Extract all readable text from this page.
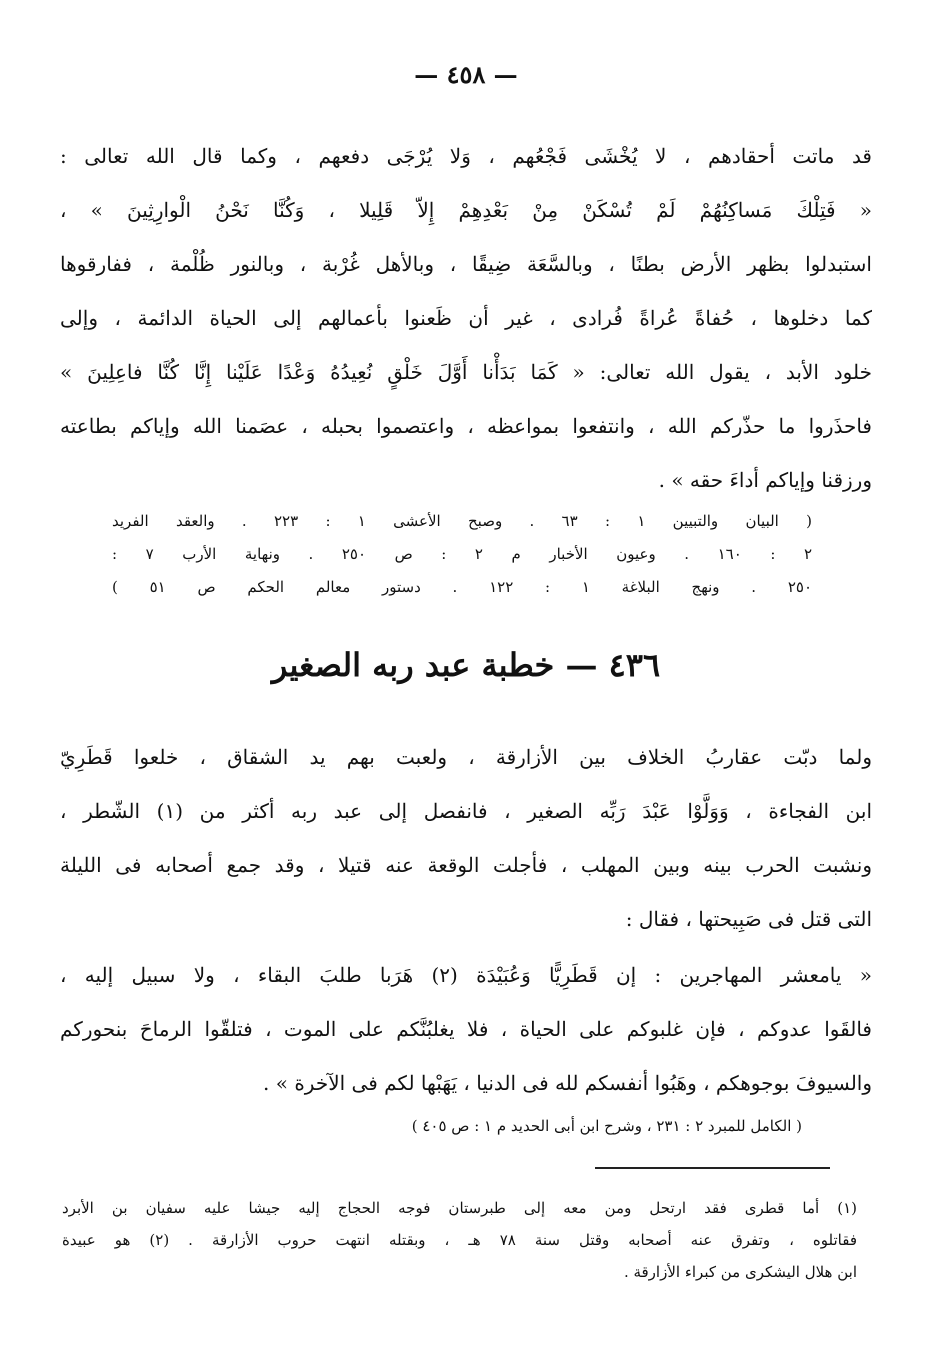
— ٤٥٨ —
قد ماتت أحقادهم ، لا يُخْشَى فَجْعُهم ، وَلا يُرْجَى دفعهم ، وكما قال الله تعالى :
« فَتِلْكَ مَساكِنُهُمْ لَمْ تُسْكَنْ مِنْ بَعْدِهِمْ إِلاّ قَلِيلا ، وَكُنَّا نَحْنُ الْوارِثِينَ » ،
استبدلوا بظهر الأرض بطنًا ، وبالسَّعَة ضِيقًا ، وبالأهل غُرْبة ، وبالنور ظُلْمة ، ففارقوها
كما دخلوها ، حُفاةً عُراةً فُرادى ، غير أن ظَعنوا بأعمالهم إلى الحياة الدائمة ، وإلى
خلود الأبد ، يقول الله تعالى: « كَمَا بَدَأْنا أَوَّلَ خَلْقٍ نُعِيدُهُ وَعْدًا عَلَيْنا إِنَّا كُنَّا فاعِلِينَ »
فاحذَروا ما حذّركم الله ، وانتفعوا بمواعظه ، واعتصموا بحبله ، عصَمنا الله وإياكم بطاعته
ورزقنا وإياكم أداءَ حقه » .
( البيان والتبيين ١ : ٦٣ . وصبح الأعشى ١ : ٢٢٣ . والعقد الفريد
٢ : ١٦٠ . وعيون الأخبار م ٢ : ص ٢٥٠ . ونهاية الأرب ٧ :
٢٥٠ . ونهج البلاغة ١ : ١٢٢ . دستور معالم الحكم ص ٥١ )
٤٣٦ — خطبة عبد ربه الصغير
ولما دبّت عقاربُ الخلاف بين الأزارقة ، ولعبت بهم يد الشقاق ، خلعوا قَطَرِيّ
ابن الفجاءة ، وَوَلَّوْا عَبْدَ رَبِّه الصغير ، فانفصل إلى عبد ربه أكثر من (١) الشّطر ،
ونشبت الحرب بينه وبين المهلب ، فأجلت الوقعة عنه قتيلا ، وقد جمع أصحابه فى الليلة
التى قتل فى صَبِيحتها ، فقال :
« يامعشر المهاجرين : إن قَطَرِيًّا وَعُبَيْدَة (٢) هَرَبا طلبَ البقاء ، ولا سبيل إليه ،
فالقَوا عدوكم ، فإن غلبوكم على الحياة ، فلا يغلبُنَّكم على الموت ، فتلقّوا الرماحَ بنحوركم
والسيوفَ بوجوهكم ، وهَبُوا أنفسكم لله فى الدنيا ، يَهَبْها لكم فى الآخرة » .
( الكامل للمبرد ٢ : ٢٣١ ، وشرح ابن أبى الحديد م ١ : ص ٤٠٥ )
(١) أما قطرى فقد ارتحل ومن معه إلى طبرستان فوجه الحجاج إليه جيشا عليه سفيان بن الأبرد
فقاتلوه ، وتفرق عنه أصحابه وقتل سنة ٧٨ هـ ، وبقتله انتهت حروب الأزارقة . (٢) هو عبيدة
ابن هلال اليشكرى من كبراء الأزارقة .
